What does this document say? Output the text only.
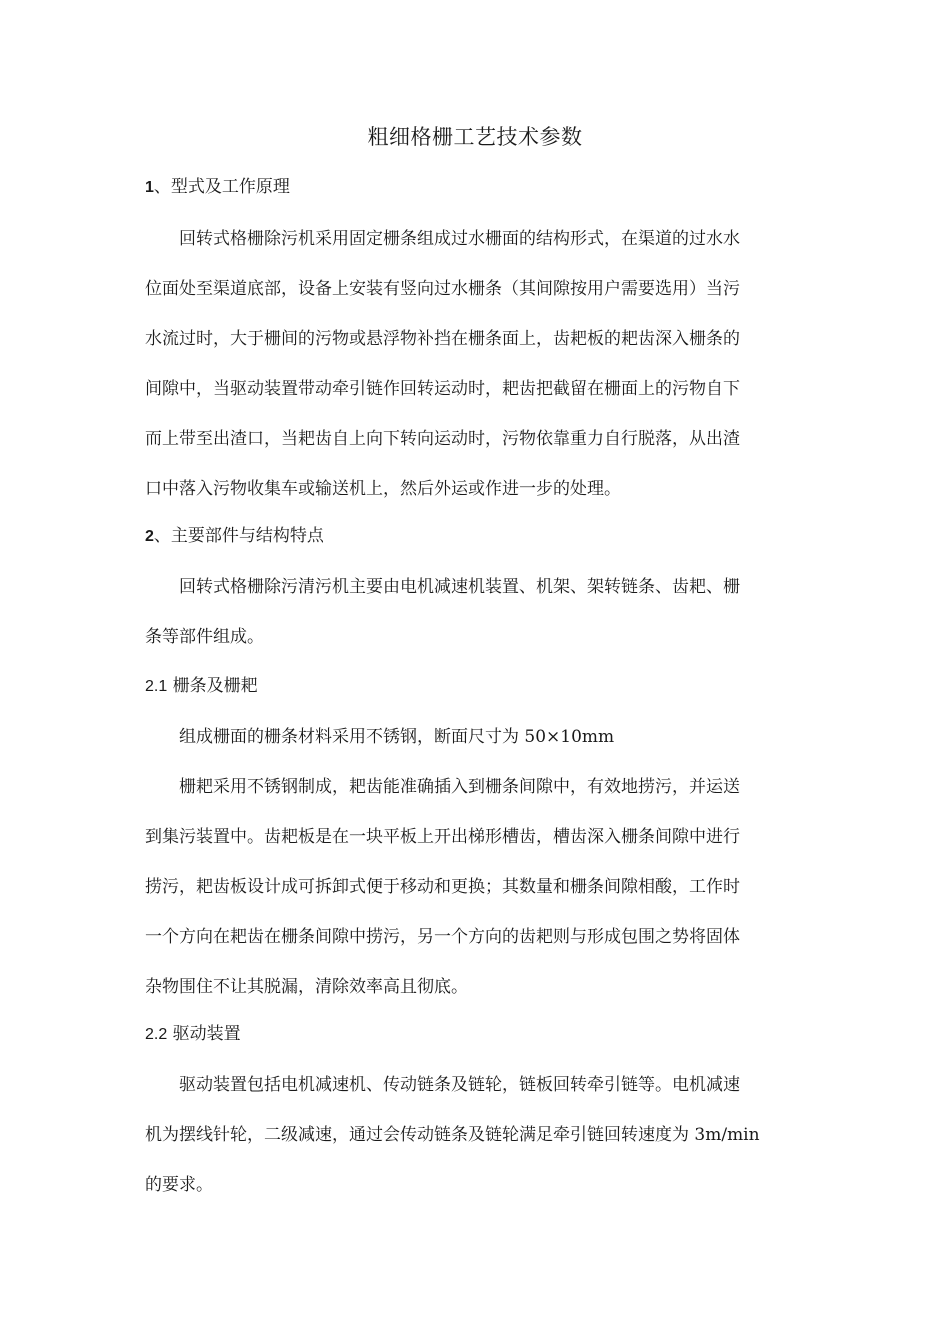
粗细格栅工艺技术参数
1、型式及工作原理
回转式格栅除污机采用固定栅条组成过水栅面的结构形式，在渠道的过水水
位面处至渠道底部，设备上安装有竖向过水栅条（其间隙按用户需要选用）当污
水流过时，大于栅间的污物或悬浮物补挡在栅条面上，齿耙板的耙齿深入栅条的
间隙中，当驱动装置带动牵引链作回转运动时，耙齿把截留在栅面上的污物自下
而上带至出渣口，当耙齿自上向下转向运动时，污物依靠重力自行脱落，从出渣
口中落入污物收集车或输送机上，然后外运或作进一步的处理。
2、主要部件与结构特点
回转式格栅除污清污机主要由电机减速机装置、机架、架转链条、齿耙、栅
条等部件组成。
2.1 栅条及栅耙
组成栅面的栅条材料采用不锈钢，断面尺寸为 50×10mm
栅耙采用不锈钢制成，耙齿能准确插入到栅条间隙中，有效地捞污，并运送
到集污装置中。齿耙板是在一块平板上开出梯形槽齿，槽齿深入栅条间隙中进行
捞污，耙齿板设计成可拆卸式便于移动和更换；其数量和栅条间隙相酸，工作时
一个方向在耙齿在栅条间隙中捞污，另一个方向的齿耙则与形成包围之势将固体
杂物围住不让其脱漏，清除效率高且彻底。
2.2 驱动装置
驱动装置包括电机减速机、传动链条及链轮，链板回转牵引链等。电机减速
机为摆线针轮，二级减速，通过会传动链条及链轮满足牵引链回转速度为 3m/min
的要求。
